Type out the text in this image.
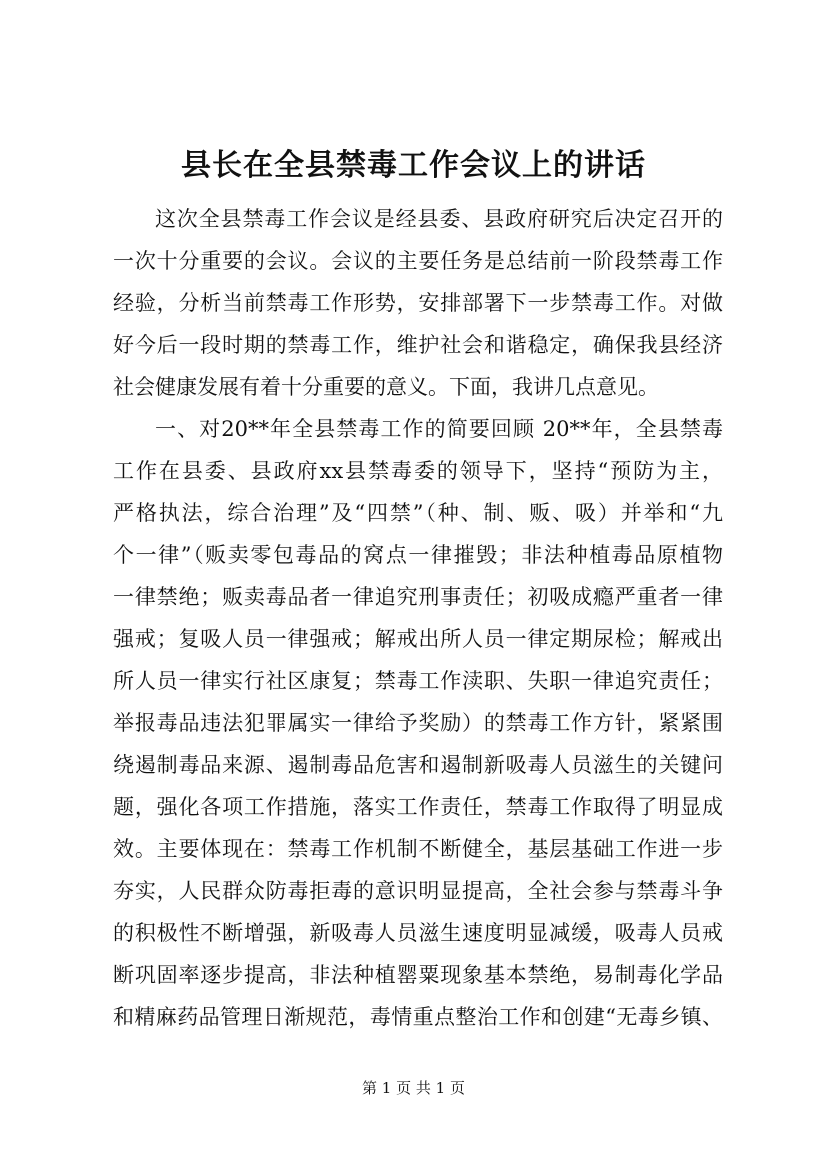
县长在全县禁毒工作会议上的讲话
这次全县禁毒工作会议是经县委、县政府研究后决定召开的
一次十分重要的会议。会议的主要任务是总结前一阶段禁毒工作
经验，分析当前禁毒工作形势，安排部署下一步禁毒工作。对做
好今后一段时期的禁毒工作，维护社会和谐稳定，确保我县经济
社会健康发展有着十分重要的意义。下面，我讲几点意见。
一、对20**年全县禁毒工作的简要回顾 20**年，全县禁毒
工作在县委、县政府xx县禁毒委的领导下，坚持“预防为主，
严格执法，综合治理”及“四禁”（种、制、贩、吸）并举和“九
个一律”（贩卖零包毒品的窝点一律摧毁；非法种植毒品原植物
一律禁绝；贩卖毒品者一律追究刑事责任；初吸成瘾严重者一律
强戒；复吸人员一律强戒；解戒出所人员一律定期尿检；解戒出
所人员一律实行社区康复；禁毒工作渎职、失职一律追究责任；
举报毒品违法犯罪属实一律给予奖励）的禁毒工作方针，紧紧围
绕遏制毒品来源、遏制毒品危害和遏制新吸毒人员滋生的关键问
题，强化各项工作措施，落实工作责任，禁毒工作取得了明显成
效。主要体现在：禁毒工作机制不断健全，基层基础工作进一步
夯实，人民群众防毒拒毒的意识明显提高，全社会参与禁毒斗争
的积极性不断增强，新吸毒人员滋生速度明显减缓，吸毒人员戒
断巩固率逐步提高，非法种植罂粟现象基本禁绝，易制毒化学品
和精麻药品管理日渐规范，毒情重点整治工作和创建“无毒乡镇、
第 1 页 共 1 页
